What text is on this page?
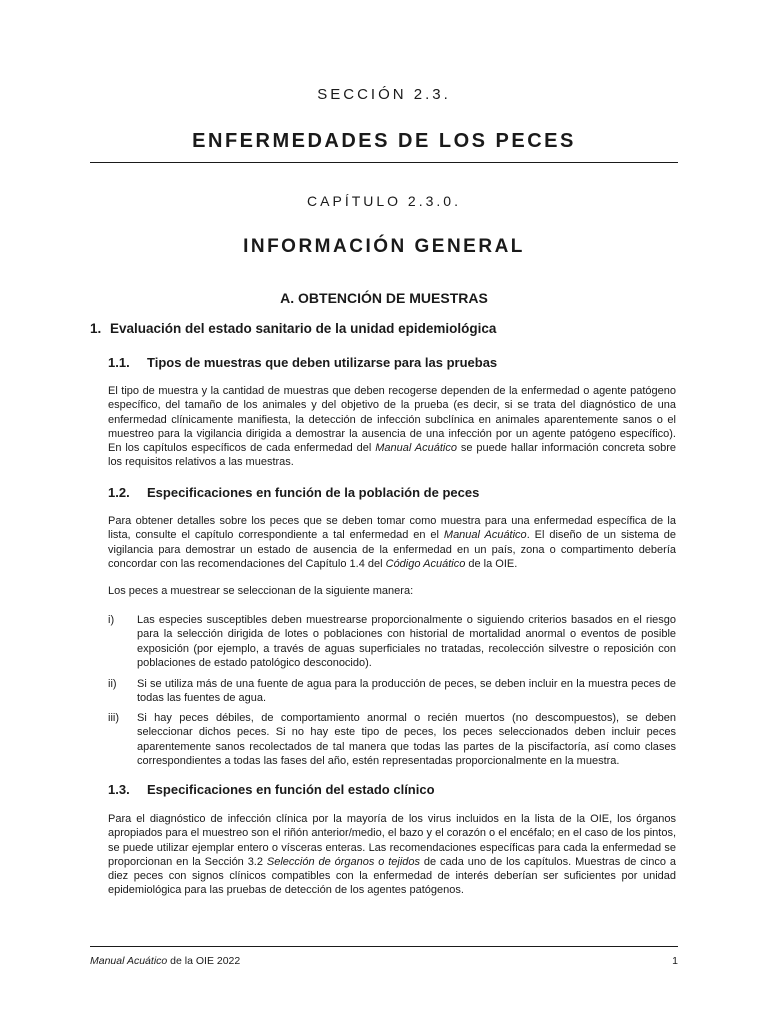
SECCIÓN 2.3.
ENFERMEDADES DE LOS PECES
CAPÍTULO 2.3.0.
INFORMACIÓN GENERAL
A. OBTENCIÓN DE MUESTRAS
1. Evaluación del estado sanitario de la unidad epidemiológica
1.1. Tipos de muestras que deben utilizarse para las pruebas

El tipo de muestra y la cantidad de muestras que deben recogerse dependen de la enfermedad o agente patógeno específico, del tamaño de los animales y del objetivo de la prueba (es decir, si se trata del diagnóstico de una enfermedad clínicamente manifiesta, la detección de infección subclínica en animales aparentemente sanos o el muestreo para la vigilancia dirigida a demostrar la ausencia de una infección por un agente patógeno específico). En los capítulos específicos de cada enfermedad del Manual Acuático se puede hallar información concreta sobre los requisitos relativos a las muestras.

1.2. Especificaciones en función de la población de peces

Para obtener detalles sobre los peces que se deben tomar como muestra para una enfermedad específica de la lista, consulte el capítulo correspondiente a tal enfermedad en el Manual Acuático. El diseño de un sistema de vigilancia para demostrar un estado de ausencia de la enfermedad en un país, zona o compartimento debería concordar con las recomendaciones del Capítulo 1.4 del Código Acuático de la OIE.

Los peces a muestrear se seleccionan de la siguiente manera:

i)	Las especies susceptibles deben muestrearse proporcionalmente o siguiendo criterios basados en el riesgo para la selección dirigida de lotes o poblaciones con historial de mortalidad anormal o eventos de posible exposición (por ejemplo, a través de aguas superficiales no tratadas, recolección silvestre o reposición con poblaciones de estado patológico desconocido).
ii)	Si se utiliza más de una fuente de agua para la producción de peces, se deben incluir en la muestra peces de todas las fuentes de agua.
iii)	Si hay peces débiles, de comportamiento anormal o recién muertos (no descompuestos), se deben seleccionar dichos peces. Si no hay este tipo de peces, los peces seleccionados deben incluir peces aparentemente sanos recolectados de tal manera que todas las partes de la piscifactoría, así como clases correspondientes a todas las fases del año, estén representadas proporcionalmente en la muestra.
1.3. Especificaciones en función del estado clínico

Para el diagnóstico de infección clínica por la mayoría de los virus incluidos en la lista de la OIE, los órganos apropiados para el muestreo son el riñón anterior/medio, el bazo y el corazón o el encéfalo; en el caso de los pintos, se puede utilizar ejemplar entero o vísceras enteras. Las recomendaciones específicas para cada la enfermedad se proporcionan en la Sección 3.2 Selección de órganos o tejidos de cada uno de los capítulos. Muestras de cinco a diez peces con signos clínicos compatibles con la enfermedad de interés deberían ser suficientes por unidad epidemiológica para las pruebas de detección de los agentes patógenos.

Manual Acuático de la OIE 2022	1
